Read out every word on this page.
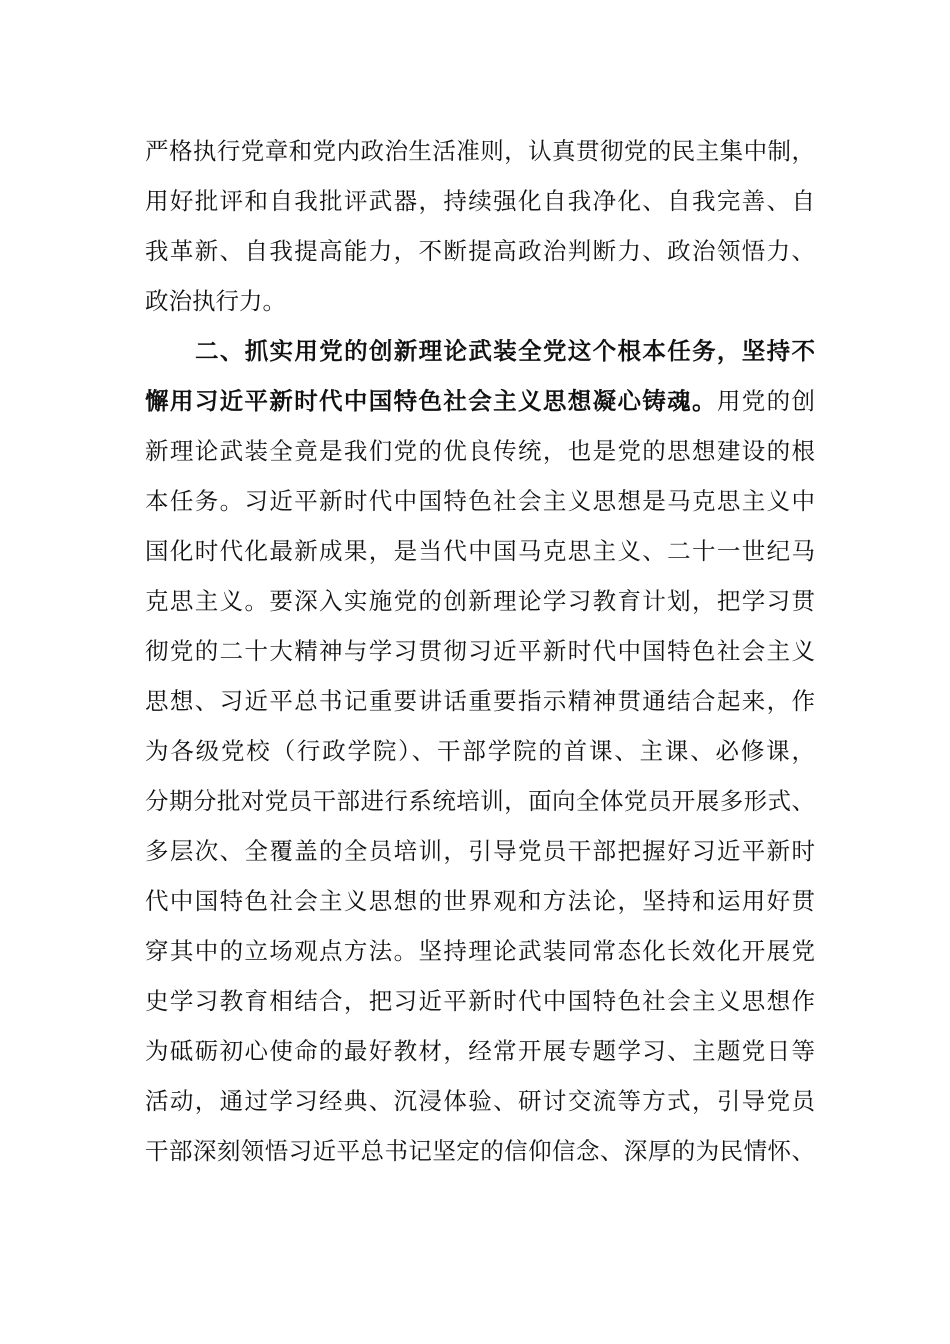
严格执行党章和党内政治生活准则，认真贯彻党的民主集中制，
用好批评和自我批评武器，持续强化自我净化、自我完善、自
我革新、自我提高能力，不断提高政治判断力、政治领悟力、
政治执行力。
二、抓实用党的创新理论武装全党这个根本任务，坚持不
懈用习近平新时代中国特色社会主义思想凝心铸魂。用党的创
新理论武装全竟是我们党的优良传统，也是党的思想建设的根
本任务。习近平新时代中国特色社会主义思想是马克思主义中
国化时代化最新成果，是当代中国马克思主义、二十一世纪马
克思主义。要深入实施党的创新理论学习教育计划，把学习贯
彻党的二十大精神与学习贯彻习近平新时代中国特色社会主义
思想、习近平总书记重要讲话重要指示精神贯通结合起来，作
为各级党校（行政学院）、干部学院的首课、主课、必修课，
分期分批对党员干部进行系统培训，面向全体党员开展多形式、
多层次、全覆盖的全员培训，引导党员干部把握好习近平新时
代中国特色社会主义思想的世界观和方法论，坚持和运用好贯
穿其中的立场观点方法。坚持理论武装同常态化长效化开展党
史学习教育相结合，把习近平新时代中国特色社会主义思想作
为砥砺初心使命的最好教材，经常开展专题学习、主题党日等
活动，通过学习经典、沉浸体验、研讨交流等方式，引导党员
干部深刻领悟习近平总书记坚定的信仰信念、深厚的为民情怀、
